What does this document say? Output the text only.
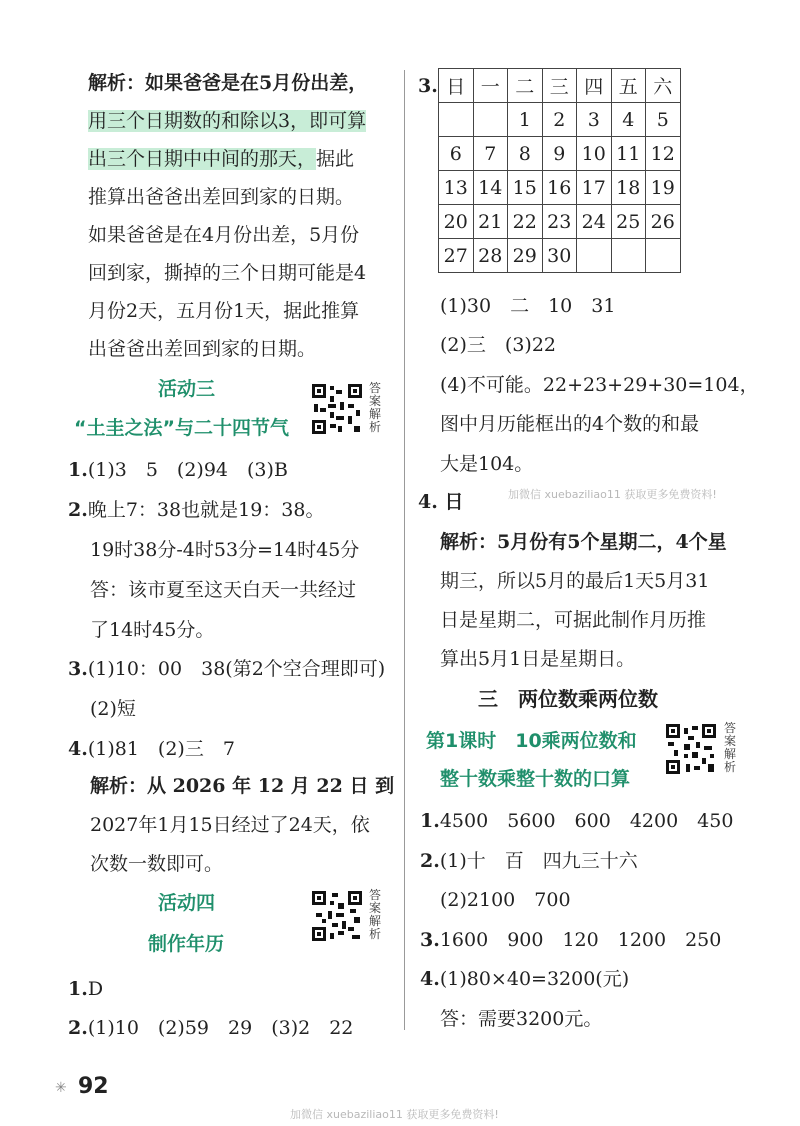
解析：如果爸爸是在5月份出差，
用三个日期数的和除以3，即可算
出三个日期中中间的那天，据此
推算出爸爸出差回到家的日期。
如果爸爸是在4月份出差，5月份
回到家，撕掉的三个日期可能是4
月份2天，五月份1天，据此推算
出爸爸出差回到家的日期。
活动三
“土圭之法”与二十四节气
答案解析
1.(1)3　5　(2)94　(3)B
2.晚上7：38也就是19：38。
19时38分-4时53分=14时45分
答：该市夏至这天白天一共经过
了14时45分。
3.(1)10：00　38(第2个空合理即可)
(2)短
4.(1)81　(2)三　7
解析：从 2026 年 12 月 22 日 到
2027年1月15日经过了24天，依
次数一数即可。
活动四
制作年历
答案解析
1.D
2.(1)10　(2)59　29　(3)2　22
3. 日	一	二	三	四	五	六
		1	2	3	4	5
6	7	8	9	10	11	12
13	14	15	16	17	18	19
20	21	22	23	24	25	26
27	28	29	30			
(1)30　二　10　31
(2)三　(3)22
(4)不可能。22+23+29+30=104，
图中月历能框出的4个数的和最
大是104。
加微信 xuebaziliao11 获取更多免费资料!
4. 日
解析：5月份有5个星期二，4个星
期三，所以5月的最后1天5月31
日是星期二，可据此制作月历推
算出5月1日是星期日。
三　两位数乘两位数
第1课时　10乘两位数和
整十数乘整十数的口算
答案解析
1.4500　5600　600　4200　450
2.(1)十　百　四九三十六
(2)2100　700
3.1600　900　120　1200　250
4.(1)80×40=3200(元)
答：需要3200元。
✳ 92
加微信 xuebaziliao11 获取更多免费资料!
